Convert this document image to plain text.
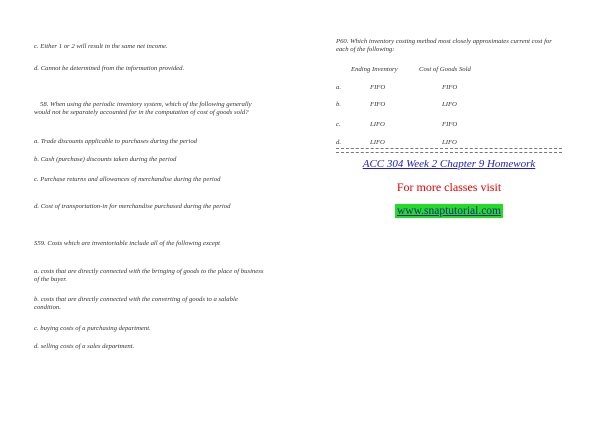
c. Either 1 or 2 will result in the same net income.
d. Cannot be determined from the information provided.
58. When using the periodic inventory system, which of the following generally would not be separately accounted for in the computation of cost of goods sold?
a. Trade discounts applicable to purchases during the period
b. Cash (purchase) discounts taken during the period
c. Purchase returns and allowances of merchandise during the period
d. Cost of transportation-in for merchandise purchased during the period
S59. Costs which are inventoriable include all of the following except
a. costs that are directly connected with the bringing of goods to the place of business of the buyer.
b. costs that are directly connected with the converting of goods to a salable condition.
c. buying costs of a purchasing department.
d. selling costs of a sales department.
P60. Which inventory costing method most closely approximates current cost for each of the following:
Ending Inventory	Cost of Goods Sold
a.	FIFO	FIFO
b.	FIFO	LIFO
c.	LIFO	FIFO
d.	LIFO	LIFO
ACC 304 Week 2 Chapter 9 Homework
For more classes visit
www.snaptutorial.com
